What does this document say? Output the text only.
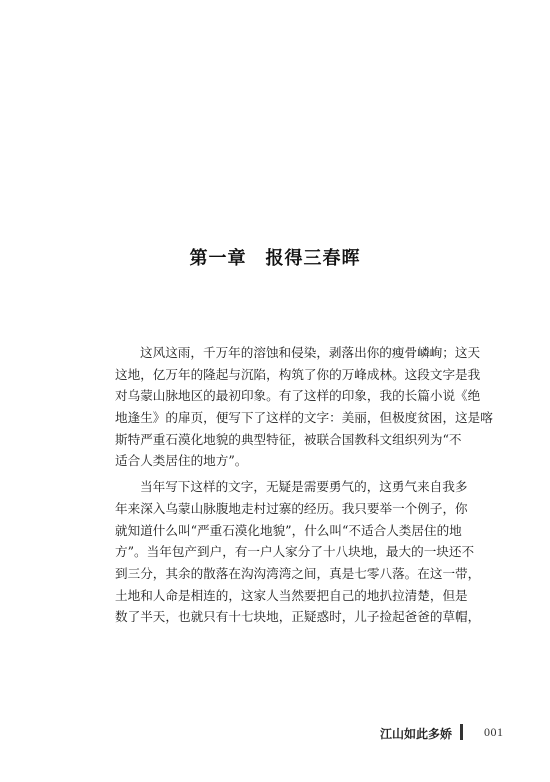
第一章　报得三春晖
这风这雨，千万年的溶蚀和侵染，剥落出你的瘦骨嶙峋；这天
这地，亿万年的隆起与沉陷，构筑了你的万峰成林。这段文字是我
对乌蒙山脉地区的最初印象。有了这样的印象，我的长篇小说《绝
地逢生》的扉页，便写下了这样的文字：美丽，但极度贫困，这是喀
斯特严重石漠化地貌的典型特征，被联合国教科文组织列为“不
适合人类居住的地方”。
当年写下这样的文字，无疑是需要勇气的，这勇气来自我多
年来深入乌蒙山脉腹地走村过寨的经历。我只要举一个例子，你
就知道什么叫“严重石漠化地貌”，什么叫“不适合人类居住的地
方”。当年包产到户，有一户人家分了十八块地，最大的一块还不
到三分，其余的散落在沟沟湾湾之间，真是七零八落。在这一带，
土地和人命是相连的，这家人当然要把自己的地扒拉清楚，但是
数了半天，也就只有十七块地，正疑惑时，儿子捡起爸爸的草帽，
江山如此多娇	001
